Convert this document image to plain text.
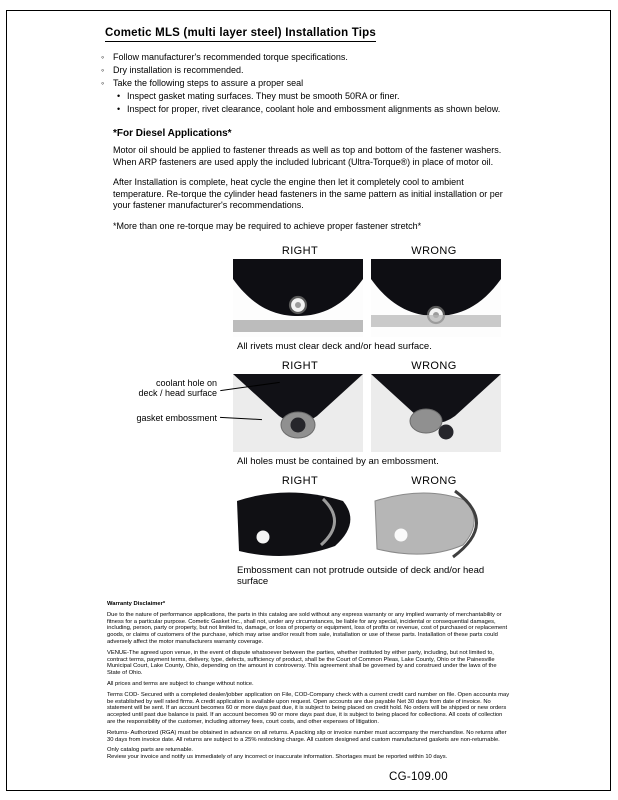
Cometic MLS (multi layer steel) Installation Tips
◦ Follow manufacturer's recommended torque specifications.
◦ Dry installation is recommended.
◦ Take the following steps to assure a proper seal
• Inspect gasket mating surfaces. They must be smooth 50RA or finer.
• Inspect for proper, rivet clearance, coolant hole and embossment alignments as shown below.
*For Diesel Applications*

Motor oil should be applied to fastener threads as well as top and bottom of the fastener washers. When ARP fasteners are used apply the included lubricant (Ultra-Torque®) in place of motor oil.

After Installation is complete, heat cycle the engine then let it completely cool to ambient temperature. Re-torque the cylinder head fasteners in the same pattern as initial installation or per your fastener manufacturer's recommendations.

*More than one re-torque may be required to achieve proper fastener stretch*

RIGHT	WRONG

All rivets must clear deck and/or head surface.

coolant hole on
deck / head surface
gasket embossment
RIGHT	WRONG

All holes must be contained by an embossment.

RIGHT	WRONG

Embossment can not protrude outside of deck and/or head surface

Warranty Disclaimer*

Due to the nature of performance applications, the parts in this catalog are sold without any express warranty or any implied warranty of merchantability or fitness for a particular purpose. Cometic Gasket Inc., shall not, under any circumstances, be liable for any special, incidental or consequential damages, including, person, party or property, but not limited to, damage, or loss of property or equipment, loss of profits or revenue, cost of purchased or replacement goods, or claims of customers of the purchase, which may arise and/or result from sale, installation or use of these parts. Installation of these parts could adversely affect the motor manufacturers warranty coverage.

VENUE-The agreed upon venue, in the event of dispute whatsoever between the parties, whether instituted by either party, including, but not limited to, contract terms, payment terms, delivery, type, defects, sufficiency of product, shall be the Court of Common Pleas, Lake County, Ohio or the Painesville Municipal Court, Lake County, Ohio, depending on the amount in controversy. This agreement shall be governed by and construed under the laws of the State of Ohio.

All prices and terms are subject to change without notice.

Terms COD- Secured with a completed dealer/jobber application on File, COD-Company check with a current credit card number on file. Open accounts may be established by well rated firms. A credit application is available upon request. Open accounts are due payable Net 30 days from date of invoice. No statement will be sent. If an account becomes 60 or more days past due, it is subject to being placed on credit hold. No orders will be shipped or new orders accepted until past due balance is paid. If an account becomes 90 or more days past due, it is subject to being placed for collections. All costs of collection are the responsibility of the customer, including attorney fees, court costs, and other expenses of litigation.

Returns- Authorized (RGA) must be obtained in advance on all returns. A packing slip or invoice number must accompany the merchandise. No returns after 30 days from invoice date. All returns are subject to a 25% restocking charge. All custom designed and custom manufactured gaskets are non-returnable.

Only catalog parts are returnable.

Review your invoice and notify us immediately of any incorrect or inaccurate information. Shortages must be reported within 10 days.

CG-109.00
